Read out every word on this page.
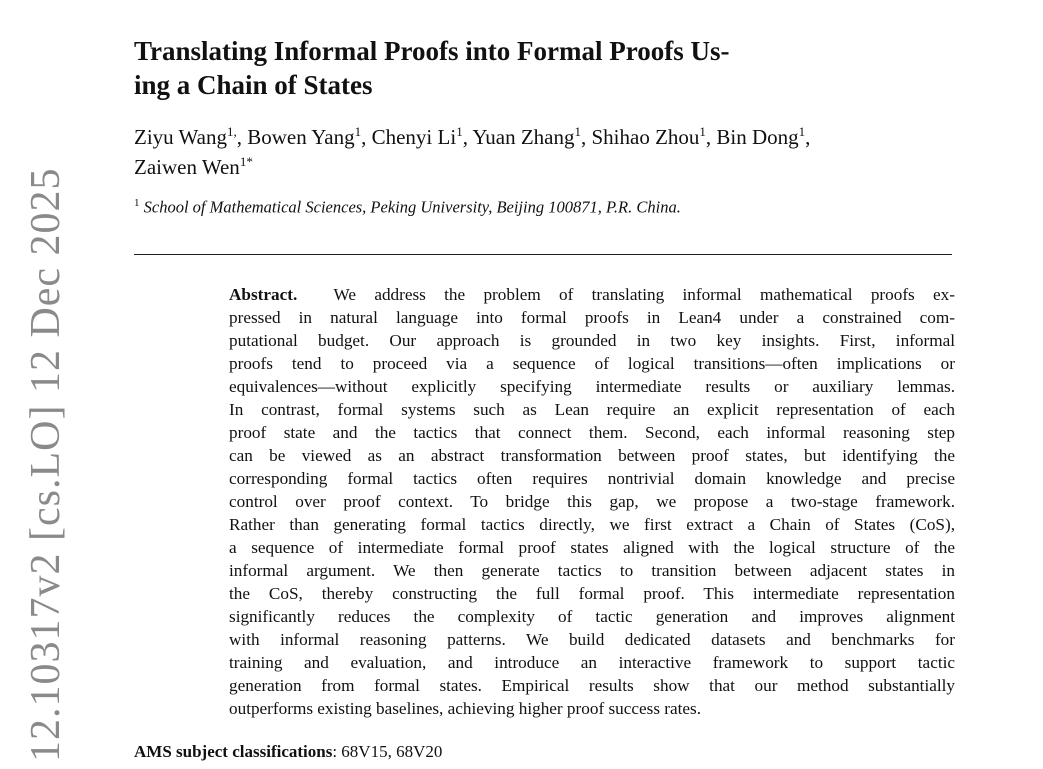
12.10317v2 [cs.LO] 12 Dec 2025
Translating Informal Proofs into Formal Proofs Us-
ing a Chain of States
Ziyu Wang$^{1,}$, Bowen Yang$^1$, Chenyi Li$^1$, Yuan Zhang$^1$, Shihao Zhou$^1$, Bin Dong$^1$, Zaiwen Wen$^{1*}$
$^1$ School of Mathematical Sciences, Peking University, Beijing 100871, P.R. China.
Abstract. We address the problem of translating informal mathematical proofs ex-
pressed in natural language into formal proofs in Lean4 under a constrained com-
putational budget. Our approach is grounded in two key insights. First, informal
proofs tend to proceed via a sequence of logical transitions—often implications or
equivalences—without explicitly specifying intermediate results or auxiliary lemmas.
In contrast, formal systems such as Lean require an explicit representation of each
proof state and the tactics that connect them. Second, each informal reasoning step
can be viewed as an abstract transformation between proof states, but identifying the
corresponding formal tactics often requires nontrivial domain knowledge and precise
control over proof context. To bridge this gap, we propose a two-stage framework.
Rather than generating formal tactics directly, we first extract a Chain of States (CoS),
a sequence of intermediate formal proof states aligned with the logical structure of the
informal argument. We then generate tactics to transition between adjacent states in
the CoS, thereby constructing the full formal proof. This intermediate representation
significantly reduces the complexity of tactic generation and improves alignment
with informal reasoning patterns. We build dedicated datasets and benchmarks for
training and evaluation, and introduce an interactive framework to support tactic
generation from formal states. Empirical results show that our method substantially
outperforms existing baselines, achieving higher proof success rates.
AMS subject classifications: 68V15, 68V20
